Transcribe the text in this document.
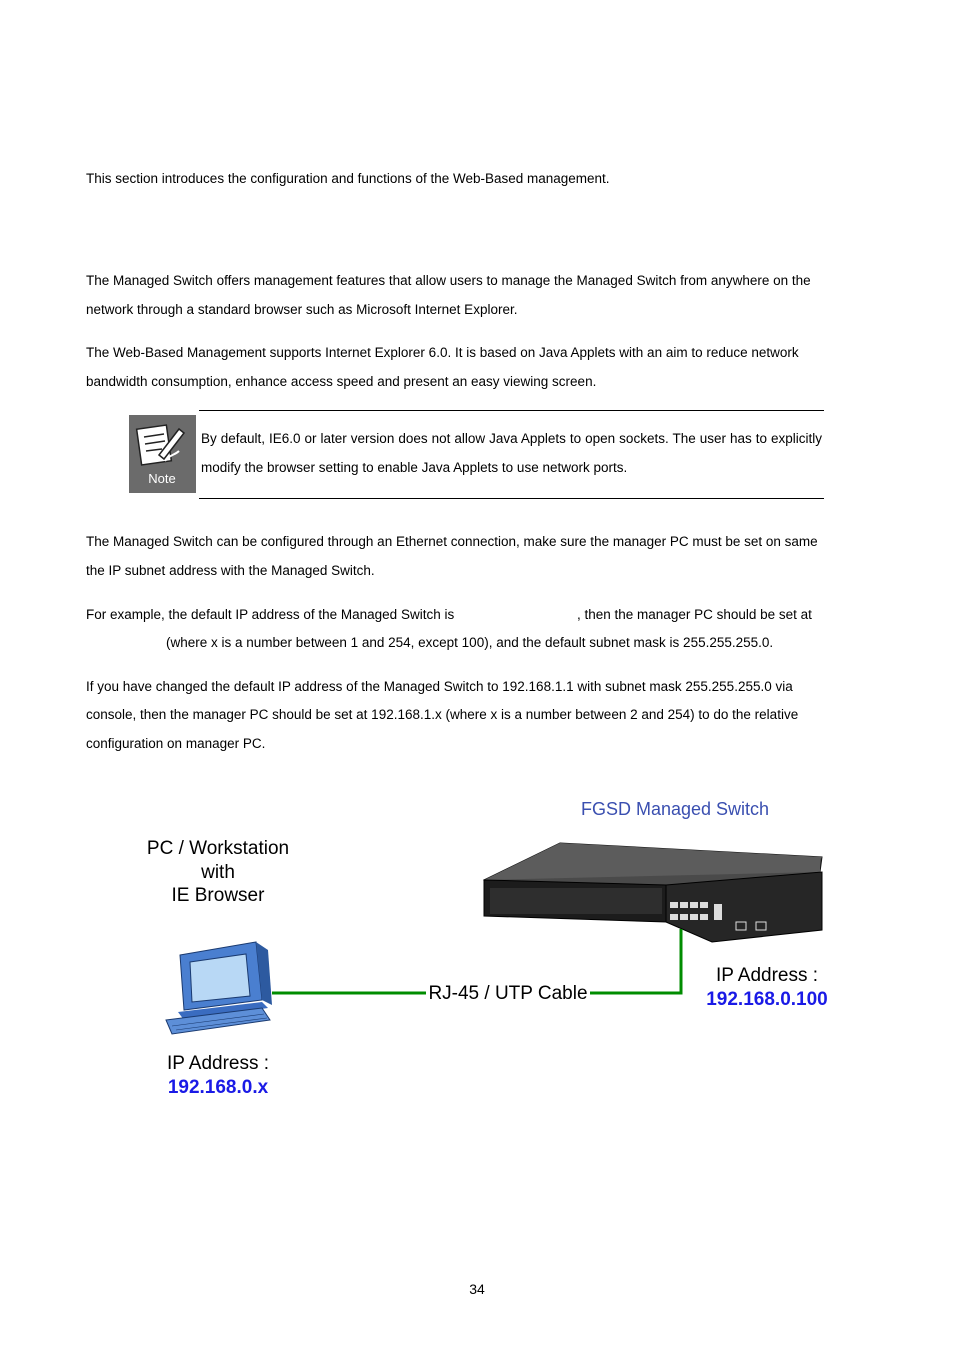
This section introduces the configuration and functions of the Web-Based management.

The Managed Switch offers management features that allow users to manage the Managed Switch from anywhere on the

network through a standard browser such as Microsoft Internet Explorer.

The Web-Based Management supports Internet Explorer 6.0. It is based on Java Applets with an aim to reduce network

bandwidth consumption, enhance access speed and present an easy viewing screen.

Note
By default, IE6.0 or later version does not allow Java Applets to open sockets. The user has to explicitly modify the browser setting to enable Java Applets to use network ports.

The Managed Switch can be configured through an Ethernet connection, make sure the manager PC must be set on same

the IP subnet address with the Managed Switch.

For example, the default IP address of the Managed Switch is	, then the manager PC should be set at

(where x is a number between 1 and 254, except 100), and the default subnet mask is 255.255.255.0.

If you have changed the default IP address of the Managed Switch to 192.168.1.1 with subnet mask 255.255.255.0 via

console, then the manager PC should be set at 192.168.1.x (where x is a number between 2 and 254) to do the relative

configuration on manager PC.

FGSD Managed Switch
PC / Workstation
with
IE Browser
RJ-45 / UTP Cable
IP Address :
192.168.0.100
IP Address :
192.168.0.x
34
